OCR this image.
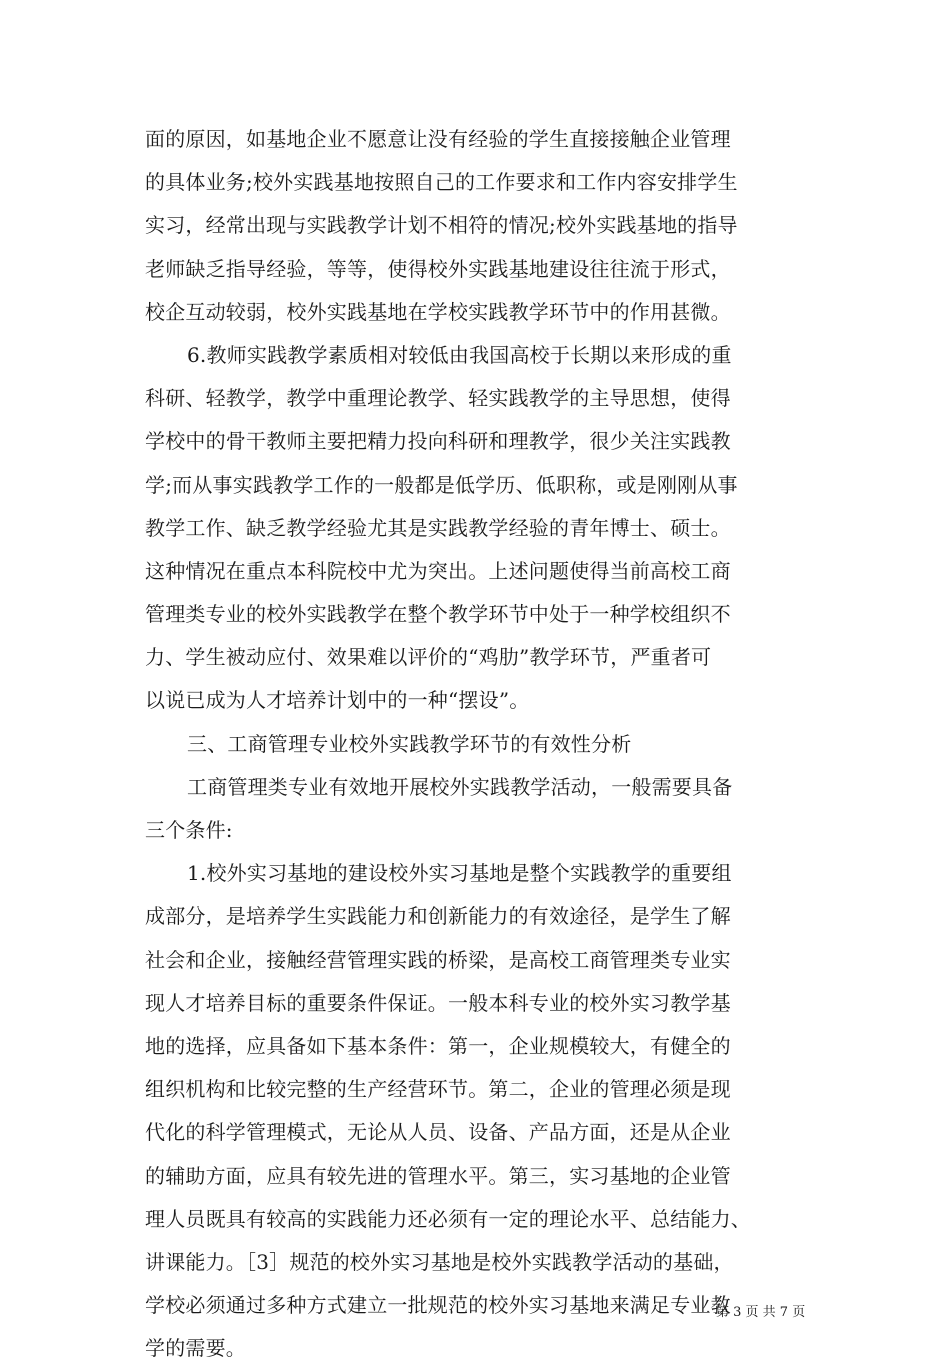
面的原因，如基地企业不愿意让没有经验的学生直接接触企业管理
的具体业务;校外实践基地按照自己的工作要求和工作内容安排学生
实习，经常出现与实践教学计划不相符的情况;校外实践基地的指导
老师缺乏指导经验，等等，使得校外实践基地建设往往流于形式，
校企互动较弱，校外实践基地在学校实践教学环节中的作用甚微。
6.教师实践教学素质相对较低由我国高校于长期以来形成的重
科研、轻教学，教学中重理论教学、轻实践教学的主导思想，使得
学校中的骨干教师主要把精力投向科研和理教学，很少关注实践教
学;而从事实践教学工作的一般都是低学历、低职称，或是刚刚从事
教学工作、缺乏教学经验尤其是实践教学经验的青年博士、硕士。
这种情况在重点本科院校中尤为突出。上述问题使得当前高校工商
管理类专业的校外实践教学在整个教学环节中处于一种学校组织不
力、学生被动应付、效果难以评价的“鸡肋”教学环节，严重者可
以说已成为人才培养计划中的一种“摆设”。
三、工商管理专业校外实践教学环节的有效性分析
工商管理类专业有效地开展校外实践教学活动，一般需要具备
三个条件:
1.校外实习基地的建设校外实习基地是整个实践教学的重要组
成部分，是培养学生实践能力和创新能力的有效途径，是学生了解
社会和企业，接触经营管理实践的桥梁，是高校工商管理类专业实
现人才培养目标的重要条件保证。一般本科专业的校外实习教学基
地的选择，应具备如下基本条件：第一，企业规模较大，有健全的
组织机构和比较完整的生产经营环节。第二，企业的管理必须是现
代化的科学管理模式，无论从人员、设备、产品方面，还是从企业
的辅助方面，应具有较先进的管理水平。第三，实习基地的企业管
理人员既具有较高的实践能力还必须有一定的理论水平、总结能力、
讲课能力。［3］规范的校外实习基地是校外实践教学活动的基础，
学校必须通过多种方式建立一批规范的校外实习基地来满足专业教
学的需要。
第 3 页 共 7 页
